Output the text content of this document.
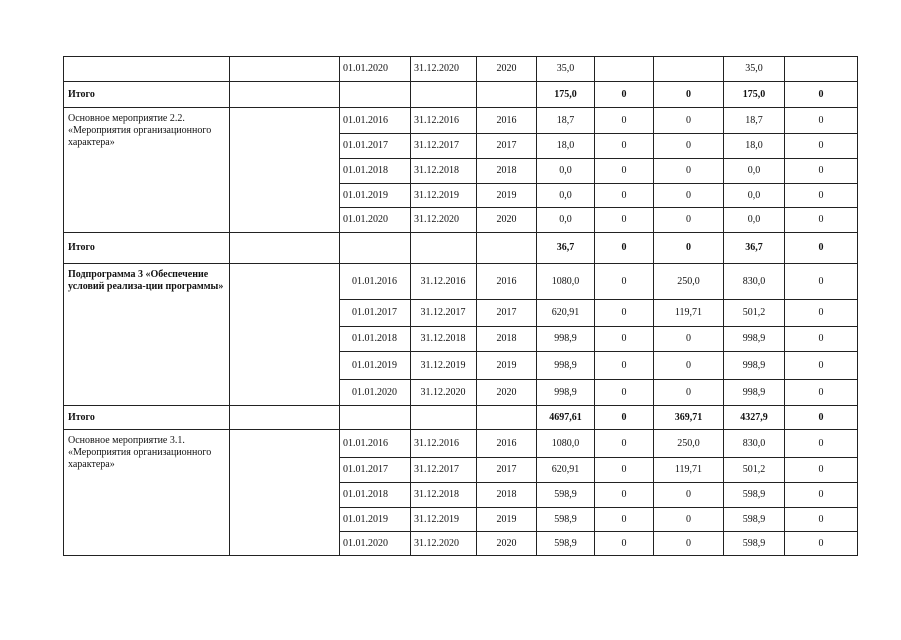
		01.01.2020	31.12.2020	2020	35,0			35,0	
Итого					175,0	0	0	175,0	0
Основное мероприятие 2.2. «Мероприятия организационного характера»		01.01.2016	31.12.2016	2016	18,7	0	0	18,7	0
		01.01.2017	31.12.2017	2017	18,0	0	0	18,0	0
		01.01.2018	31.12.2018	2018	0,0	0	0	0,0	0
		01.01.2019	31.12.2019	2019	0,0	0	0	0,0	0
		01.01.2020	31.12.2020	2020	0,0	0	0	0,0	0
Итого					36,7	0	0	36,7	0
Подпрограмма 3 «Обеспечение условий реализа-ции программы»		01.01.2016	31.12.2016	2016	1080,0	0	250,0	830,0	0
		01.01.2017	31.12.2017	2017	620,91	0	119,71	501,2	0
		01.01.2018	31.12.2018	2018	998,9	0	0	998,9	0
		01.01.2019	31.12.2019	2019	998,9	0	0	998,9	0
		01.01.2020	31.12.2020	2020	998,9	0	0	998,9	0
Итого					4697,61	0	369,71	4327,9	0
Основное мероприятие 3.1. «Мероприятия организационного характера»		01.01.2016	31.12.2016	2016	1080,0	0	250,0	830,0	0
		01.01.2017	31.12.2017	2017	620,91	0	119,71	501,2	0
		01.01.2018	31.12.2018	2018	598,9	0	0	598,9	0
		01.01.2019	31.12.2019	2019	598,9	0	0	598,9	0
		01.01.2020	31.12.2020	2020	598,9	0	0	598,9	0
